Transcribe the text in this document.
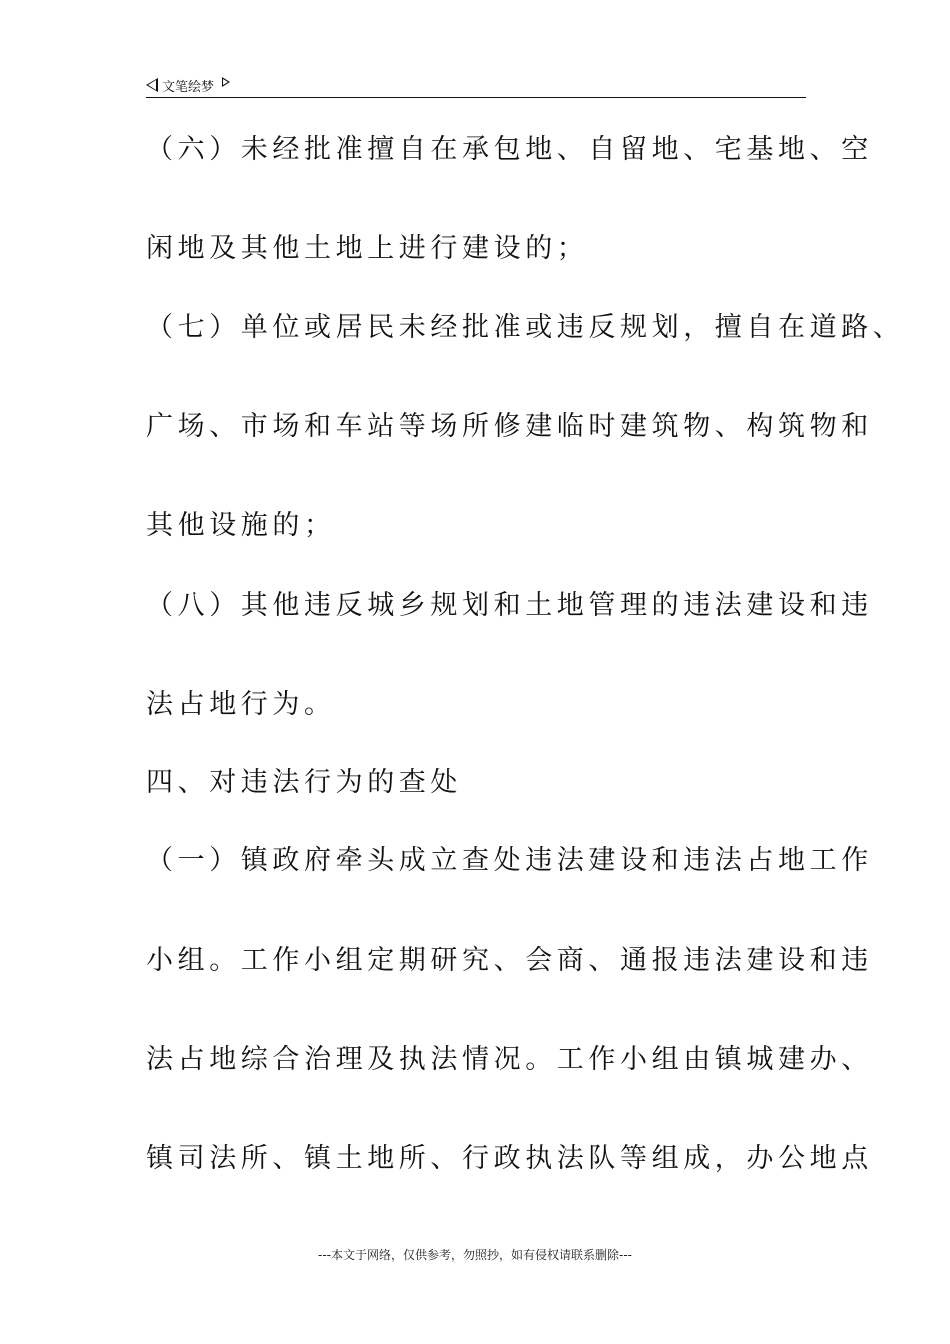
文笔绘梦
（六）未经批准擅自在承包地、自留地、宅基地、空
闲地及其他土地上进行建设的；
（七）单位或居民未经批准或违反规划，擅自在道路、
广场、市场和车站等场所修建临时建筑物、构筑物和
其他设施的；
（八）其他违反城乡规划和土地管理的违法建设和违
法占地行为。
四、对违法行为的查处
（一）镇政府牵头成立查处违法建设和违法占地工作
小组。工作小组定期研究、会商、通报违法建设和违
法占地综合治理及执法情况。工作小组由镇城建办、
镇司法所、镇土地所、行政执法队等组成，办公地点
---本文于网络，仅供参考，勿照抄，如有侵权请联系删除---
